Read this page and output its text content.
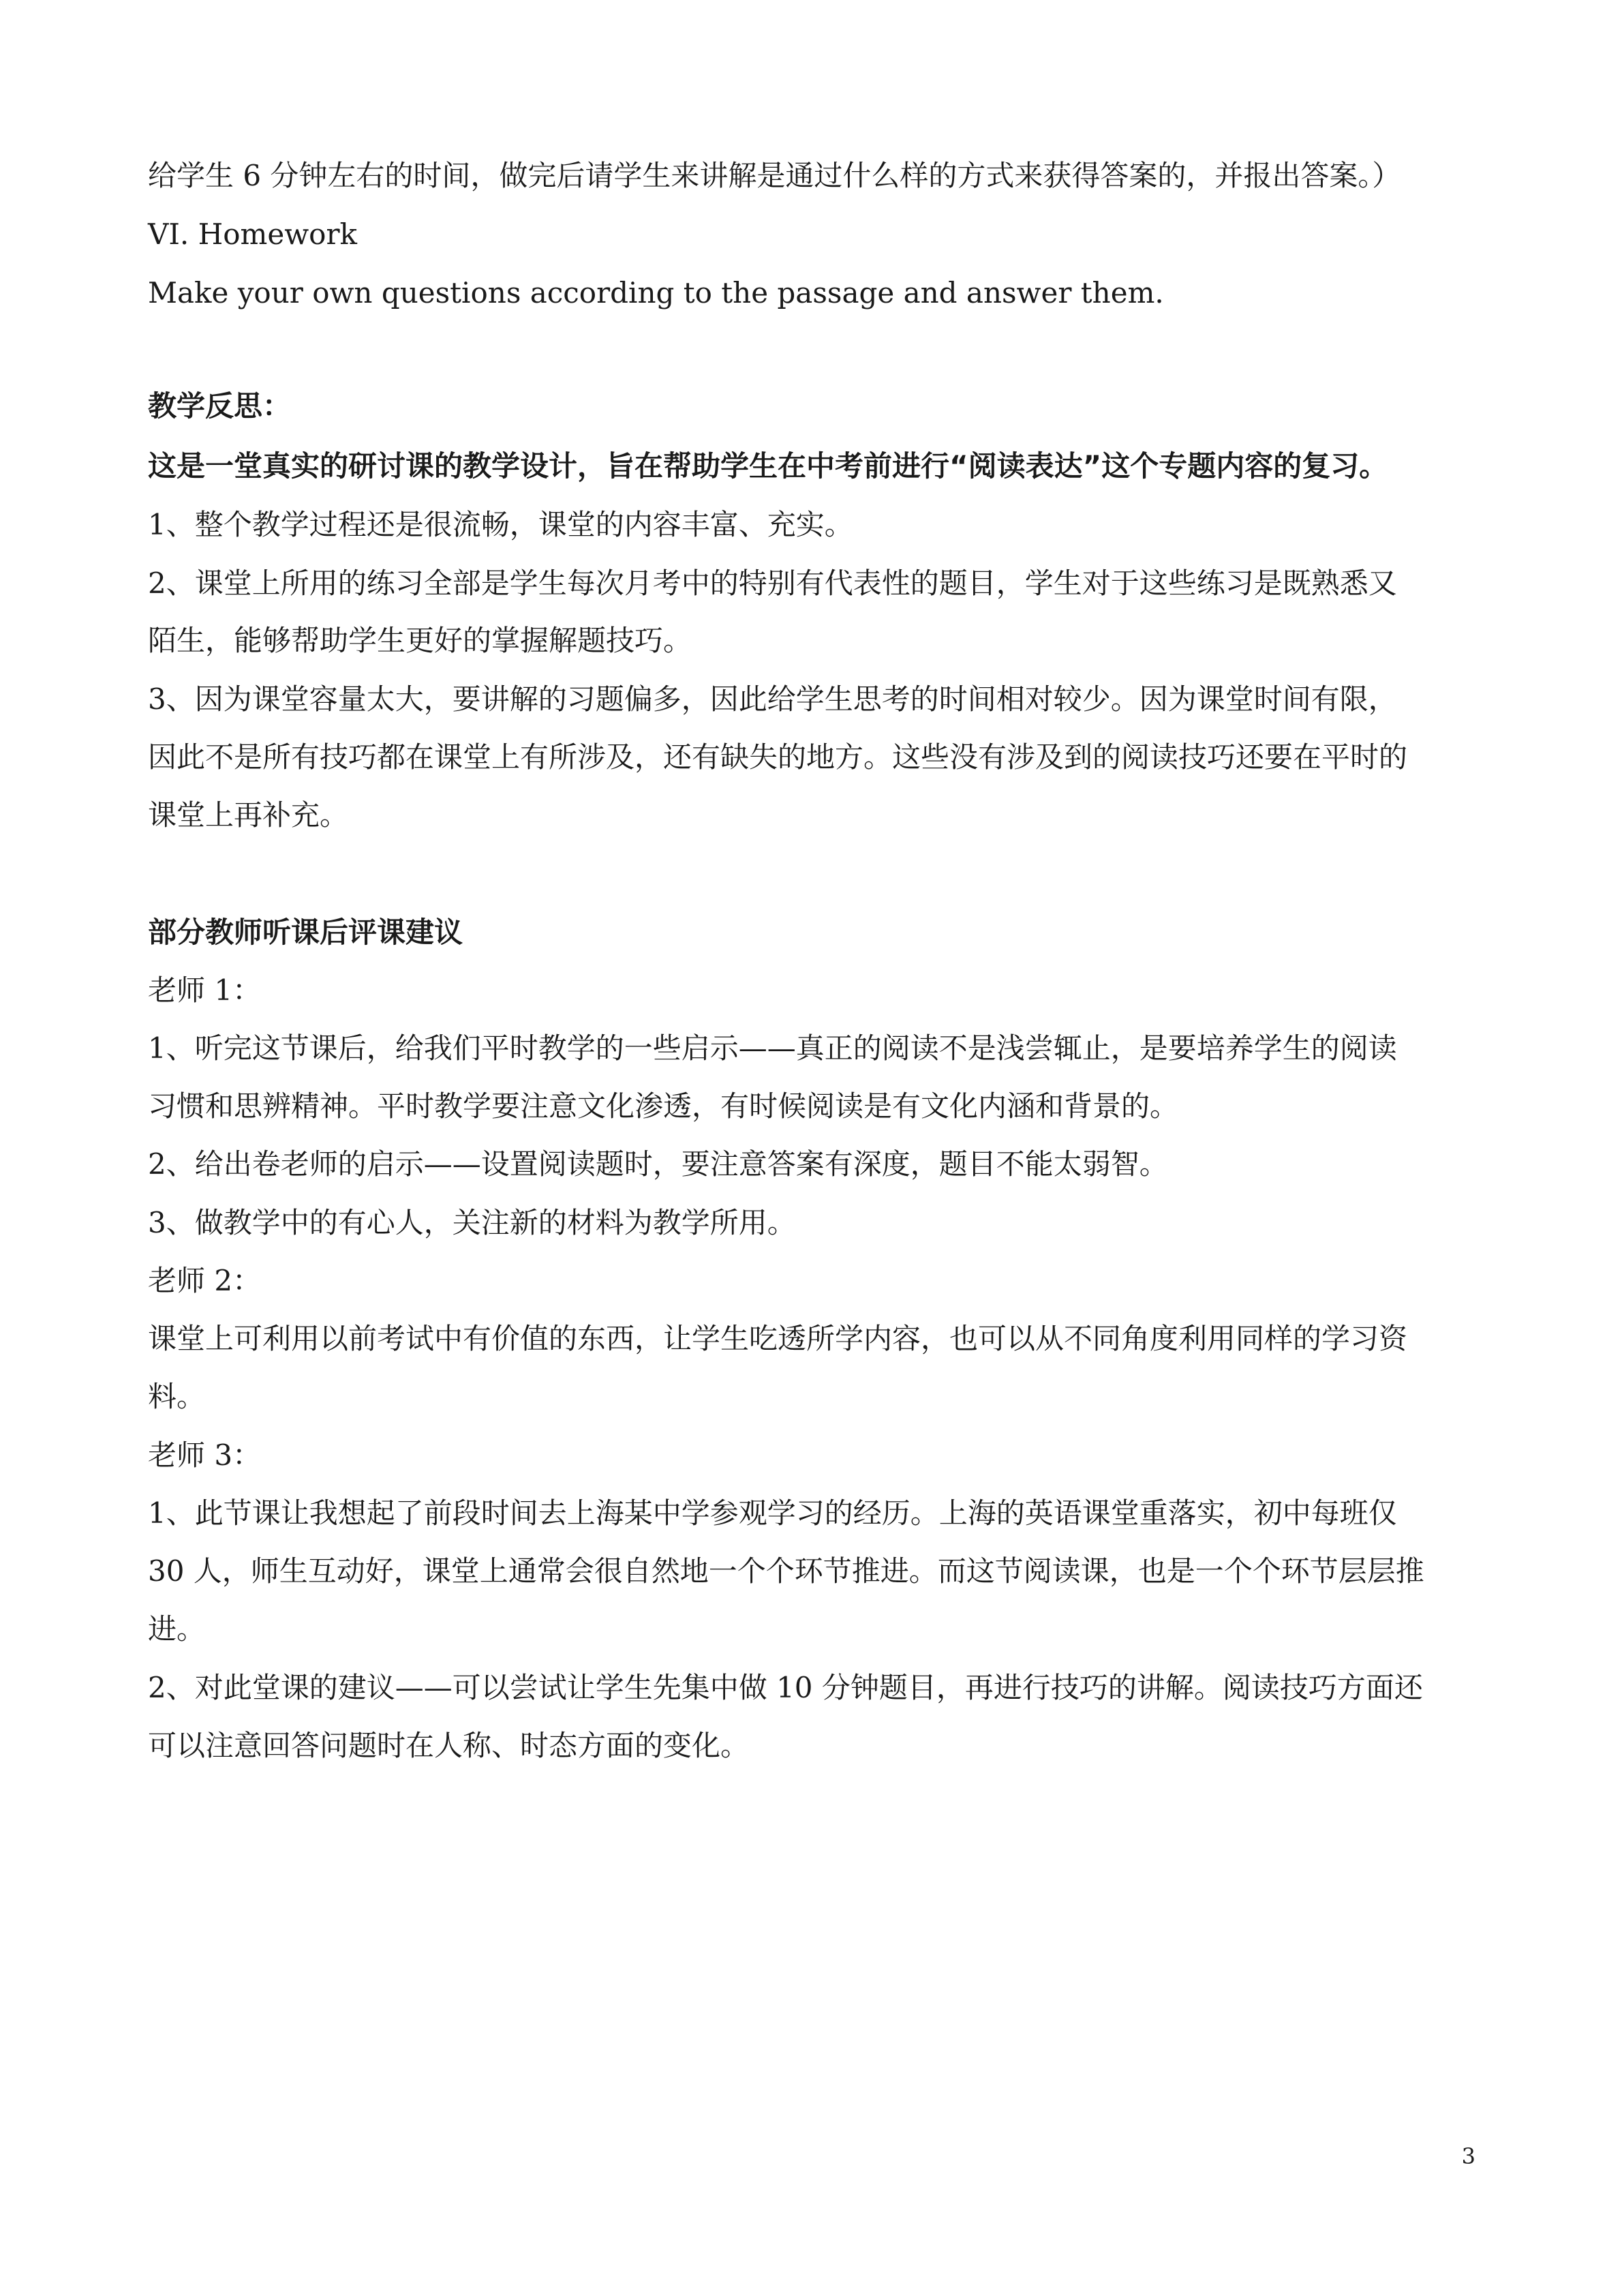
给学生 6 分钟左右的时间，做完后请学生来讲解是通过什么样的方式来获得答案的，并报出答案。）
VI. Homework
Make your own questions according to the passage and answer them.
教学反思：
这是一堂真实的研讨课的教学设计，旨在帮助学生在中考前进行“阅读表达”这个专题内容的复习。
1、整个教学过程还是很流畅，课堂的内容丰富、充实。
2、课堂上所用的练习全部是学生每次月考中的特别有代表性的题目，学生对于这些练习是既熟悉又
陌生，能够帮助学生更好的掌握解题技巧。
3、因为课堂容量太大，要讲解的习题偏多，因此给学生思考的时间相对较少。因为课堂时间有限，
因此不是所有技巧都在课堂上有所涉及，还有缺失的地方。这些没有涉及到的阅读技巧还要在平时的
课堂上再补充。
部分教师听课后评课建议
老师 1：
1、听完这节课后，给我们平时教学的一些启示——真正的阅读不是浅尝辄止，是要培养学生的阅读
习惯和思辨精神。平时教学要注意文化渗透，有时候阅读是有文化内涵和背景的。
2、给出卷老师的启示——设置阅读题时，要注意答案有深度，题目不能太弱智。
3、做教学中的有心人，关注新的材料为教学所用。
老师 2：
课堂上可利用以前考试中有价值的东西，让学生吃透所学内容，也可以从不同角度利用同样的学习资
料。
老师 3：
1、此节课让我想起了前段时间去上海某中学参观学习的经历。上海的英语课堂重落实，初中每班仅
30 人，师生互动好，课堂上通常会很自然地一个个环节推进。而这节阅读课，也是一个个环节层层推
进。
2、对此堂课的建议——可以尝试让学生先集中做 10 分钟题目，再进行技巧的讲解。阅读技巧方面还
可以注意回答问题时在人称、时态方面的变化。
3
